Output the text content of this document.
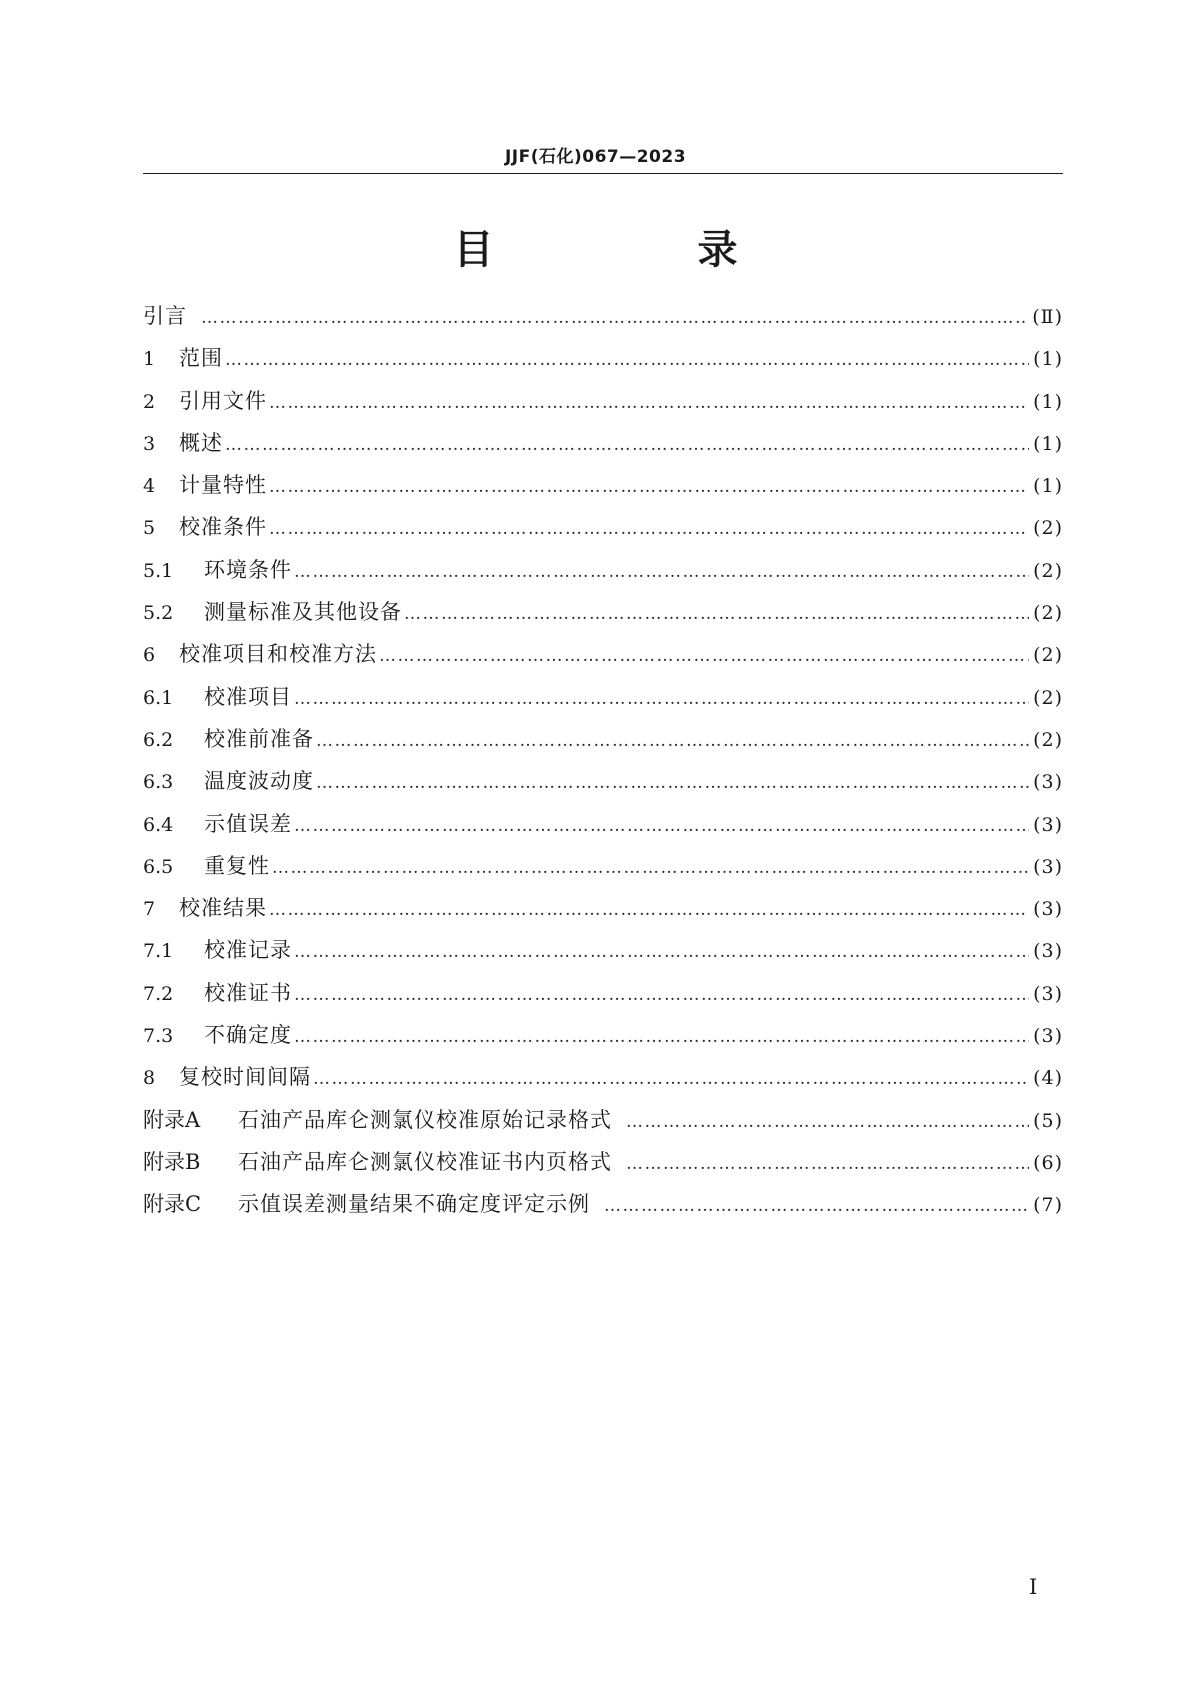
JJF(石化)067—2023
目 录
引言 ……………………………………………………………………………………………………………………………………………………………………………………	(Ⅱ)
1	范围 ……………………………………………………………………………………………………………………………………………………………………………………	(1)
2	引用文件 ……………………………………………………………………………………………………………………………………………………………………………………	(1)
3	概述 ……………………………………………………………………………………………………………………………………………………………………………………	(1)
4	计量特性 ……………………………………………………………………………………………………………………………………………………………………………………	(1)
5	校准条件 ……………………………………………………………………………………………………………………………………………………………………………………	(2)
5.1	环境条件 ……………………………………………………………………………………………………………………………………………………………………………………	(2)
5.2	测量标准及其他设备 ……………………………………………………………………………………………………………………………………………………………………………………	(2)
6	校准项目和校准方法 ……………………………………………………………………………………………………………………………………………………………………………………	(2)
6.1	校准项目 ……………………………………………………………………………………………………………………………………………………………………………………	(2)
6.2	校准前准备 ……………………………………………………………………………………………………………………………………………………………………………………	(2)
6.3	温度波动度 ……………………………………………………………………………………………………………………………………………………………………………………	(3)
6.4	示值误差 ……………………………………………………………………………………………………………………………………………………………………………………	(3)
6.5	重复性 ……………………………………………………………………………………………………………………………………………………………………………………	(3)
7	校准结果 ……………………………………………………………………………………………………………………………………………………………………………………	(3)
7.1	校准记录 ……………………………………………………………………………………………………………………………………………………………………………………	(3)
7.2	校准证书 ……………………………………………………………………………………………………………………………………………………………………………………	(3)
7.3	不确定度 ……………………………………………………………………………………………………………………………………………………………………………………	(3)
8	复校时间间隔 ……………………………………………………………………………………………………………………………………………………………………………………	(4)
附录A	石油产品库仑测氯仪校准原始记录格式 ……………………………………………………………………………………………………………………………………………………………………………………	(5)
附录B	石油产品库仑测氯仪校准证书内页格式 ……………………………………………………………………………………………………………………………………………………………………………………	(6)
附录C	示值误差测量结果不确定度评定示例 ……………………………………………………………………………………………………………………………………………………………………………………	(7)
Ⅰ
